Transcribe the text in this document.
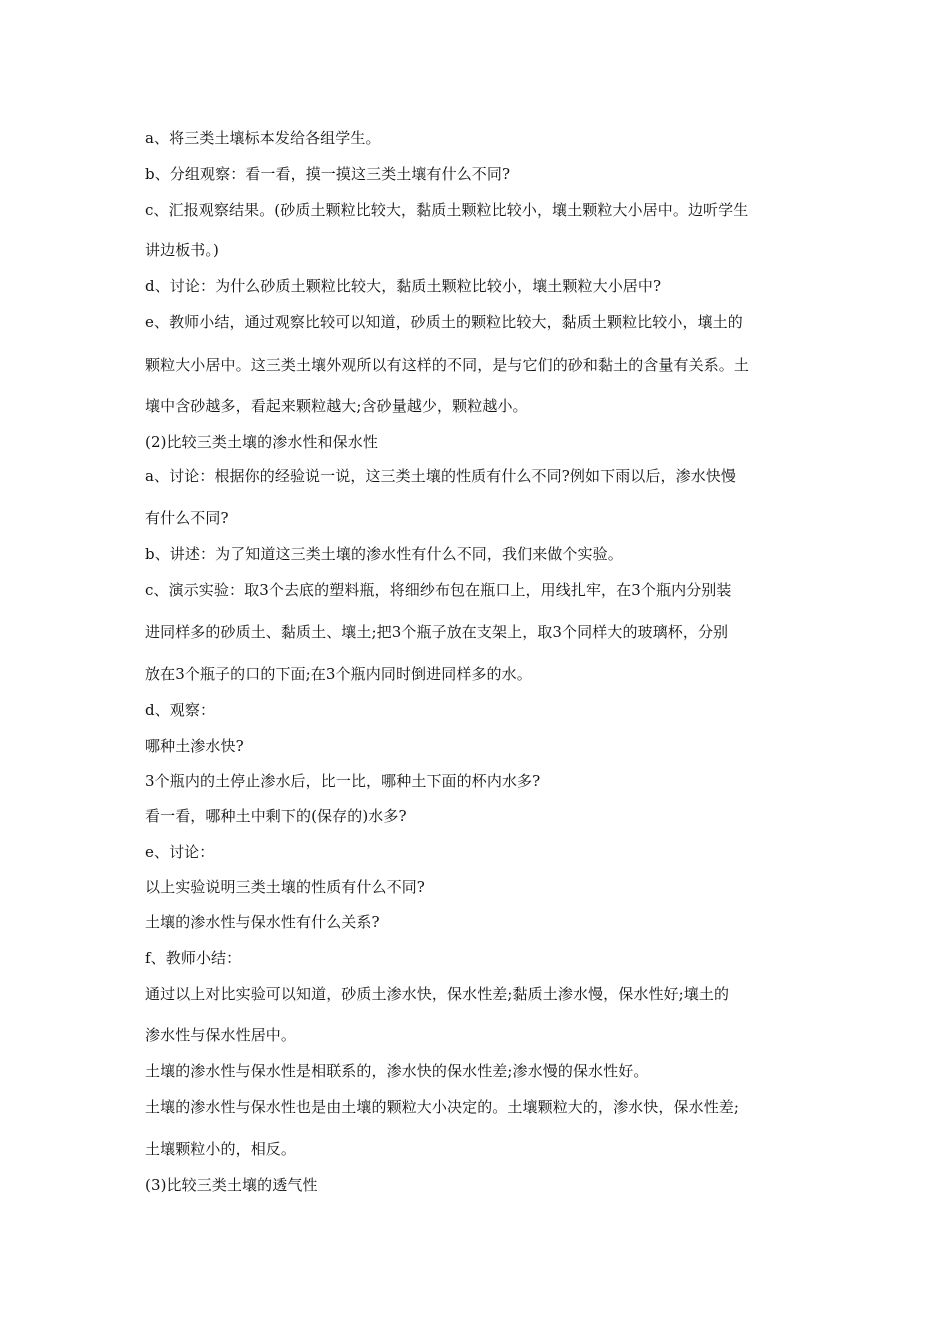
a、将三类土壤标本发给各组学生。
b、分组观察：看一看，摸一摸这三类土壤有什么不同?
c、汇报观察结果。(砂质土颗粒比较大，黏质土颗粒比较小，壤土颗粒大小居中。边听学生
讲边板书。)
d、讨论：为什么砂质土颗粒比较大，黏质土颗粒比较小，壤土颗粒大小居中?
e、教师小结，通过观察比较可以知道，砂质土的颗粒比较大，黏质土颗粒比较小，壤土的
颗粒大小居中。这三类土壤外观所以有这样的不同，是与它们的砂和黏土的含量有关系。土
壤中含砂越多，看起来颗粒越大;含砂量越少，颗粒越小。
(2)比较三类土壤的渗水性和保水性
a、讨论：根据你的经验说一说，这三类土壤的性质有什么不同?例如下雨以后，渗水快慢
有什么不同?
b、讲述：为了知道这三类土壤的渗水性有什么不同，我们来做个实验。
c、演示实验：取3个去底的塑料瓶，将细纱布包在瓶口上，用线扎牢，在3个瓶内分别装
进同样多的砂质土、黏质土、壤土;把3个瓶子放在支架上，取3个同样大的玻璃杯，分别
放在3个瓶子的口的下面;在3个瓶内同时倒进同样多的水。
d、观察：
哪种土渗水快?
3个瓶内的土停止渗水后，比一比，哪种土下面的杯内水多?
看一看，哪种土中剩下的(保存的)水多?
e、讨论：
以上实验说明三类土壤的性质有什么不同?
土壤的渗水性与保水性有什么关系?
f、教师小结：
通过以上对比实验可以知道，砂质土渗水快，保水性差;黏质土渗水慢，保水性好;壤土的
渗水性与保水性居中。
土壤的渗水性与保水性是相联系的，渗水快的保水性差;渗水慢的保水性好。
土壤的渗水性与保水性也是由土壤的颗粒大小决定的。土壤颗粒大的，渗水快，保水性差;
土壤颗粒小的，相反。
(3)比较三类土壤的透气性
